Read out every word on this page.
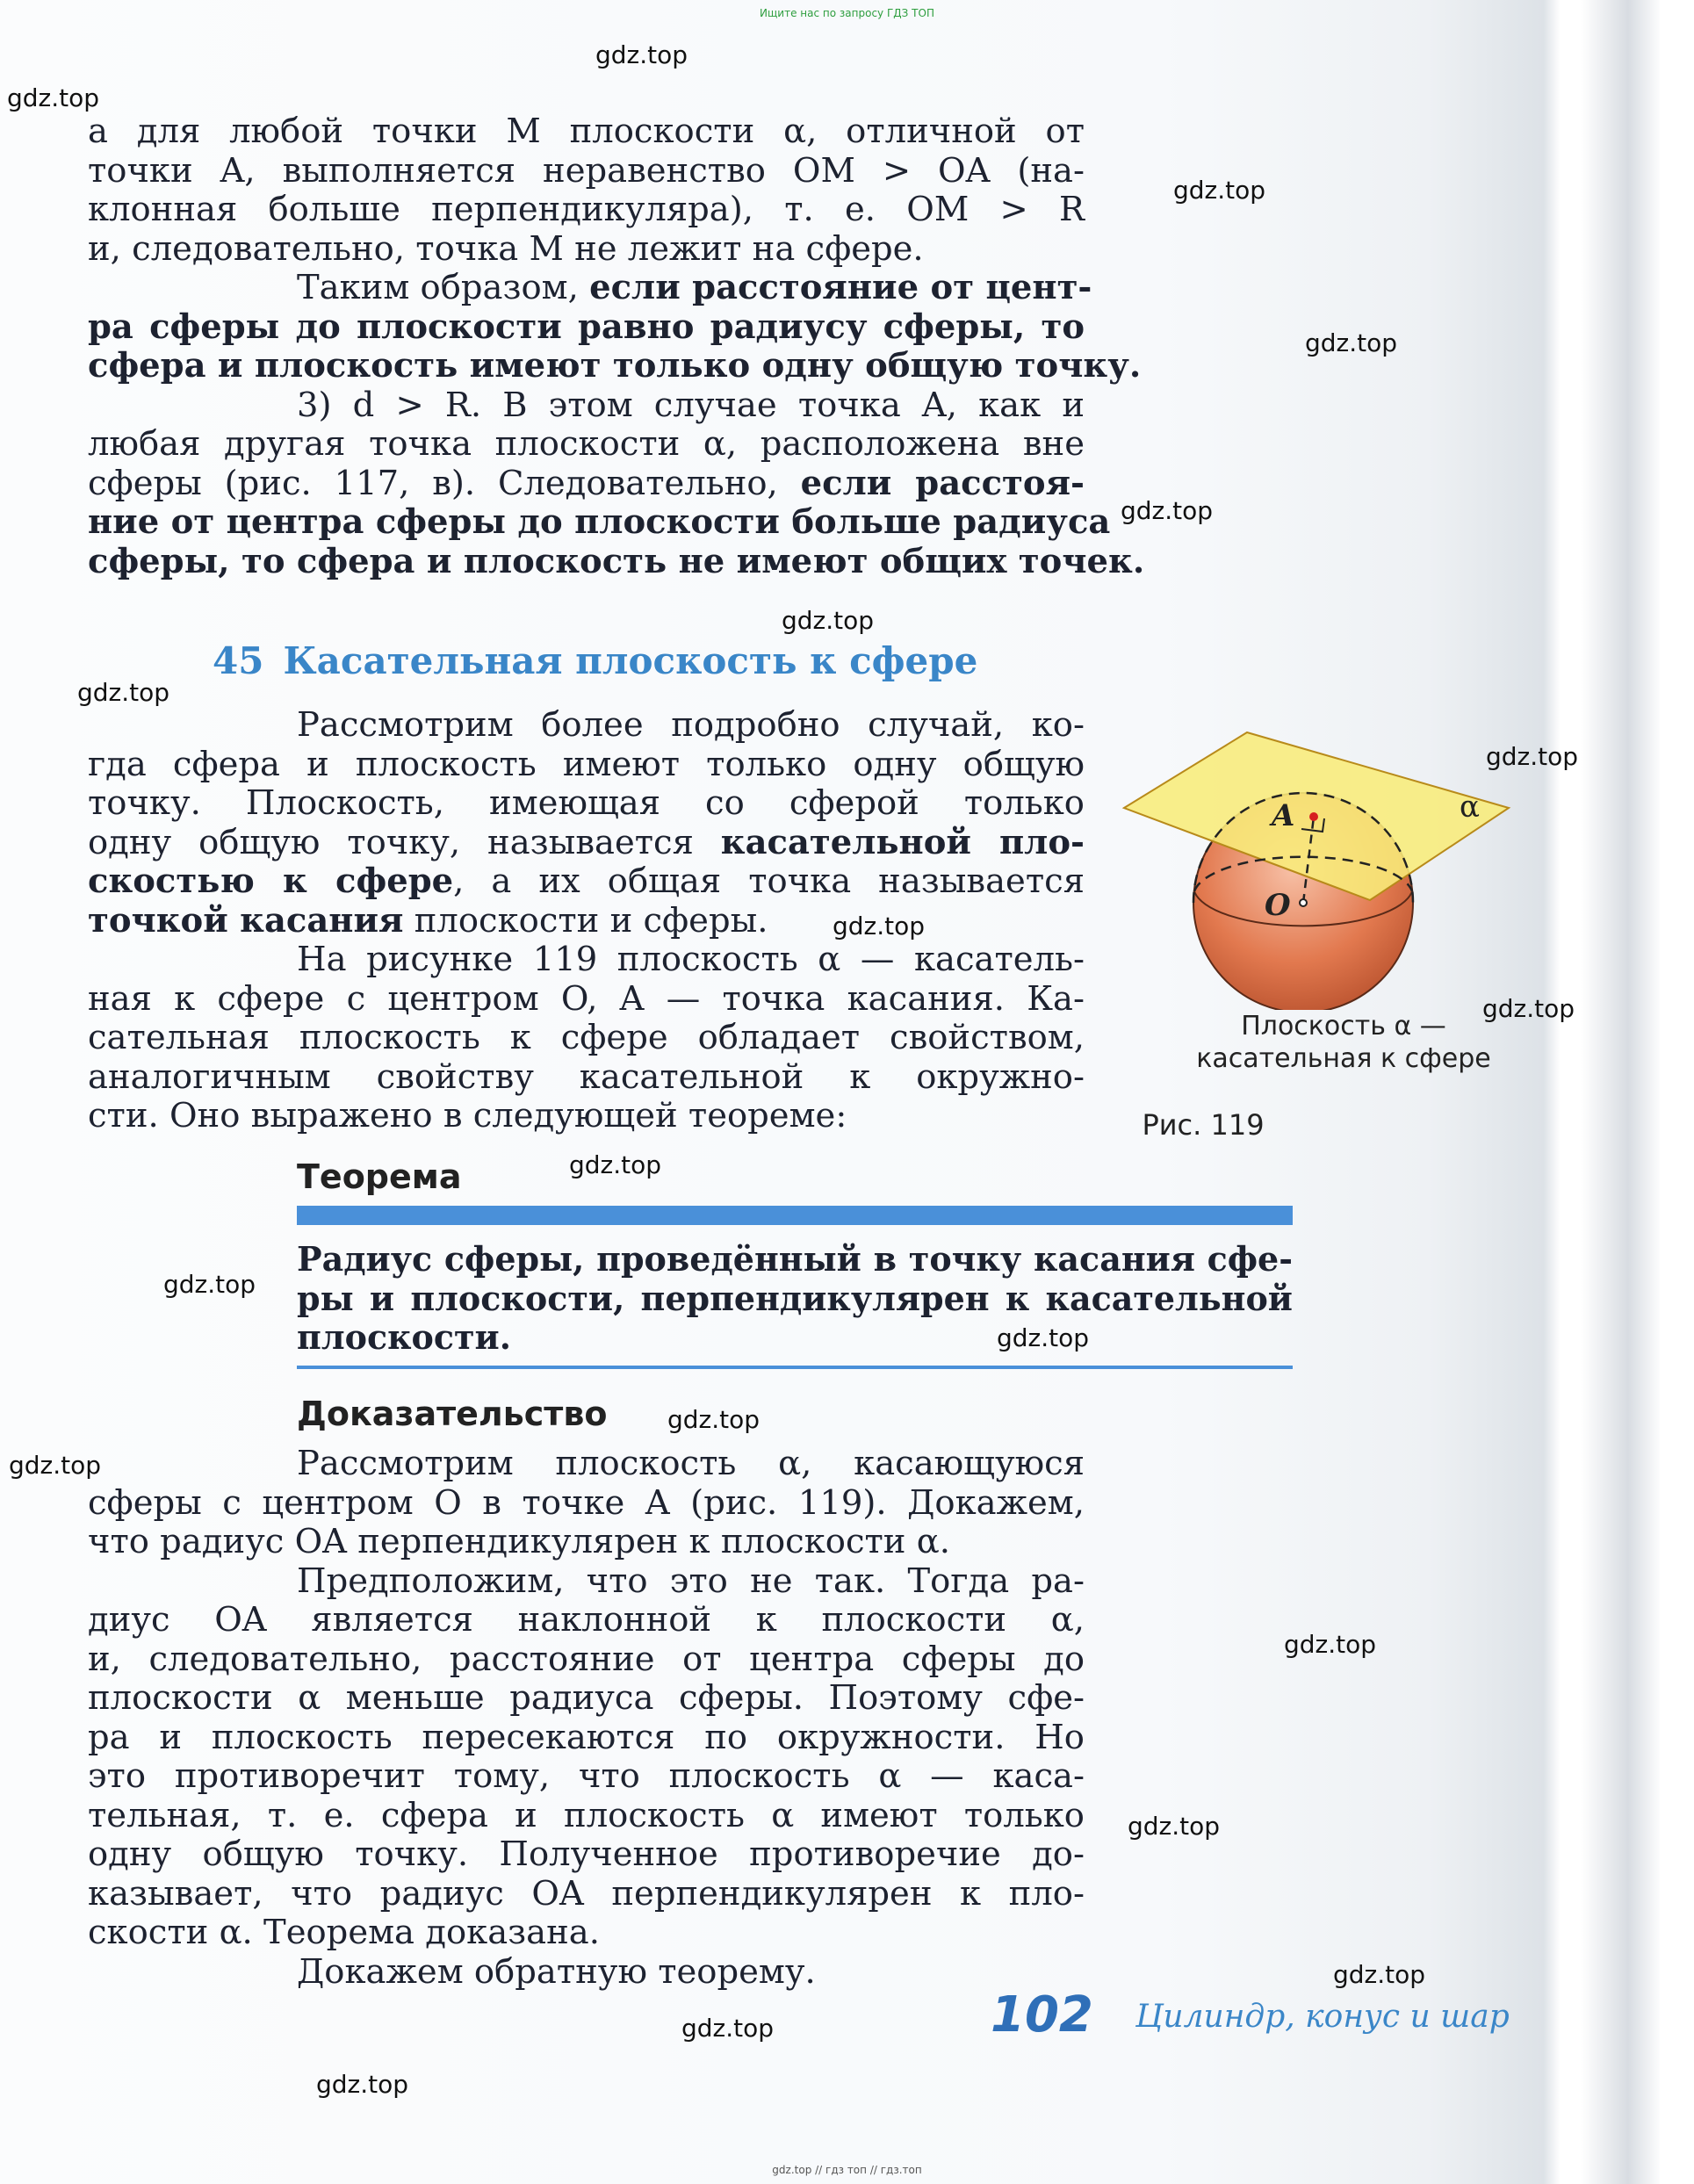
Ищите нас по запросу ГДЗ ТОП
gdz.top
gdz.top
gdz.top
gdz.top
gdz.top
gdz.top
gdz.top
gdz.top
gdz.top
gdz.top
gdz.top
gdz.top
gdz.top
gdz.top
gdz.top
gdz.top
gdz.top
gdz.top
gdz.top
gdz.top
а для любой точки M плоскости α, отличной от
точки A, выполняется неравенство OM > OA (на-
клонная больше перпендикуляра), т. е. OM > R
и, следовательно, точка M не лежит на сфере.
Таким образом, если расстояние от цент-
ра сферы до плоскости равно радиусу сферы, то
сфера и плоскость имеют только одну общую точку.
3) d > R. В этом случае точка A, как и
любая другая точка плоскости α, расположена вне
сферы (рис. 117, в). Следовательно, если расстоя-
ние от центра сферы до плоскости больше радиуса
сферы, то сфера и плоскость не имеют общих точек.
45 Касательная плоскость к сфере
Рассмотрим более подробно случай, ко-
гда сфера и плоскость имеют только одну общую
точку. Плоскость, имеющая со сферой только
одну общую точку, называется касательной пло-
скостью к сфере, а их общая точка называется
точкой касания плоскости и сферы.
На рисунке 119 плоскость α — касатель-
ная к сфере с центром O, A — точка касания. Ка-
сательная плоскость к сфере обладает свойством,
аналогичным свойству касательной к окружно-
сти. Оно выражено в следующей теореме:
A
O
α
Плоскость α —
касательная к сфере
Рис. 119
Теорема
Радиус сферы, проведённый в точку касания сфе-
ры и плоскости, перпендикулярен к касательной
плоскости.
Доказательство
Рассмотрим плоскость α, касающуюся
сферы с центром O в точке A (рис. 119). Докажем,
что радиус OA перпендикулярен к плоскости α.
Предположим, что это не так. Тогда ра-
диус OA является наклонной к плоскости α,
и, следовательно, расстояние от центра сферы до
плоскости α меньше радиуса сферы. Поэтому сфе-
ра и плоскость пересекаются по окружности. Но
это противоречит тому, что плоскость α — каса-
тельная, т. е. сфера и плоскость α имеют только
одну общую точку. Полученное противоречие до-
казывает, что радиус OA перпендикулярен к пло-
скости α. Теорема доказана.
Докажем обратную теорему.
102 Цилиндр, конус и шар
gdz.top // гдз топ // гдз.топ
